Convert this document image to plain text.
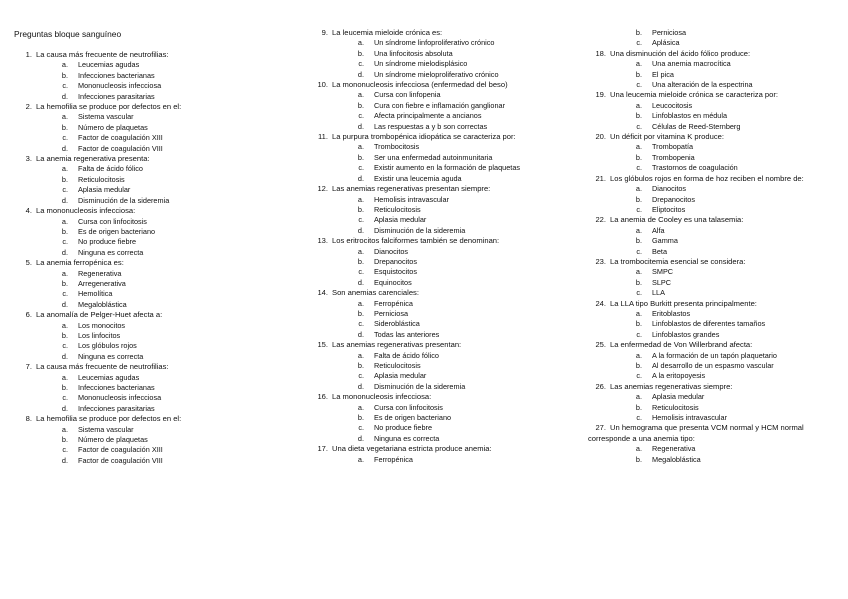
Preguntas bloque sanguíneo
1. La causa más frecuente de neutrofilias:
a. Leucemias agudas
b. Infecciones bacterianas
c. Mononucleosis infecciosa
d. Infecciones parasitarias
2. La hemofilia se produce por defectos en el:
a. Sistema vascular
b. Número de plaquetas
c. Factor de coagulación XIII
d. Factor de coagulación VIII
3. La anemia regenerativa presenta:
a. Falta de ácido fólico
b. Reticulocitosis
c. Aplasia medular
d. Disminución de la sideremia
4. La mononucleosis infecciosa:
a. Cursa con linfocitosis
b. Es de origen bacteriano
c. No produce fiebre
d. Ninguna es correcta
5. La anemia ferropénica es:
a. Regenerativa
b. Arregenerativa
c. Hemolítica
d. Megaloblástica
6. La anomalía de Pelger-Huet afecta a:
a. Los monocitos
b. Los linfocitos
c. Los glóbulos rojos
d. Ninguna es correcta
7. La causa más frecuente de neutrofilias:
a. Leucemias agudas
b. Infecciones bacterianas
c. Mononucleosis infecciosa
d. Infecciones parasitarias
8. La hemofilia se produce por defectos en el:
a. Sistema vascular
b. Número de plaquetas
c. Factor de coagulación XIII
d. Factor de coagulación VIII
9. La leucemia mieloide crónica es:
a. Un síndrome linfoproliferativo crónico
b. Una linfocitosis absoluta
c. Un síndrome mielodisplásico
d. Un síndrome mieloproliferativo crónico
10. La mononucleosis infecciosa (enfermedad del beso)
a. Cursa con linfopenia
b. Cura con fiebre e inflamación ganglionar
c. Afecta principalmente a ancianos
d. Las respuestas a y b son correctas
11. La purpura trombopénica idiopática se caracteriza por:
a. Trombocitosis
b. Ser una enfermedad autoinmunitaria
c. Existir aumento en la formación de plaquetas
d. Existir una leucemia aguda
12. Las anemias regenerativas presentan siempre:
a. Hemolisis intravascular
b. Reticulocitosis
c. Aplasia medular
d. Disminución de la sideremia
13. Los eritrocitos falciformes también se denominan:
a. Dianocitos
b. Drepanocitos
c. Esquistocitos
d. Equinocitos
14. Son anemias carenciales:
a. Ferropénica
b. Perniciosa
c. Sideroblástica
d. Todas las anteriores
15. Las anemias regenerativas presentan:
a. Falta de ácido fólico
b. Reticulocitosis
c. Aplasia medular
d. Disminución de la sideremia
16. La mononucleosis infecciosa:
a. Cursa con linfocitosis
b. Es de origen bacteriano
c. No produce fiebre
d. Ninguna es correcta
17. Una dieta vegetariana estricta produce anemia:
a. Ferropénica
b. Perniciosa
c. Aplásica
18. Una disminución del ácido fólico produce:
a. Una anemia macrocítica
b. El pica
c. Una alteración de la espectrina
19. Una leucemia mieloide crónica se caracteriza por:
a. Leucocitosis
b. Linfoblastos en médula
c. Células de Reed-Sternberg
20. Un déficit por vitamina K produce:
a. Trombopatía
b. Trombopenia
c. Trastornos de coagulación
21. Los glóbulos rojos en forma de hoz reciben el nombre de:
a. Dianocitos
b. Drepanocitos
c. Eliptocitos
22. La anemia de Cooley es una talasemia:
a. Alfa
b. Gamma
c. Beta
23. La trombocitemia esencial se considera:
a. SMPC
b. SLPC
c. LLA
24. La LLA tipo Burkitt presenta principalmente:
a. Eritoblastos
b. Linfoblastos de diferentes tamaños
c. Linfoblastos grandes
25. La enfermedad de Von Willerbrand afecta:
a. A la formación de un tapón plaquetario
b. Al desarrollo de un espasmo vascular
c. A la eritopoyesis
26. Las anemias regenerativas siempre:
a. Aplasia medular
b. Reticulocitosis
c. Hemolisis intravascular
27. Un hemograma que presenta VCM normal y HCM normal corresponde a una anemia tipo:
a. Regenerativa
b. Megaloblástica
